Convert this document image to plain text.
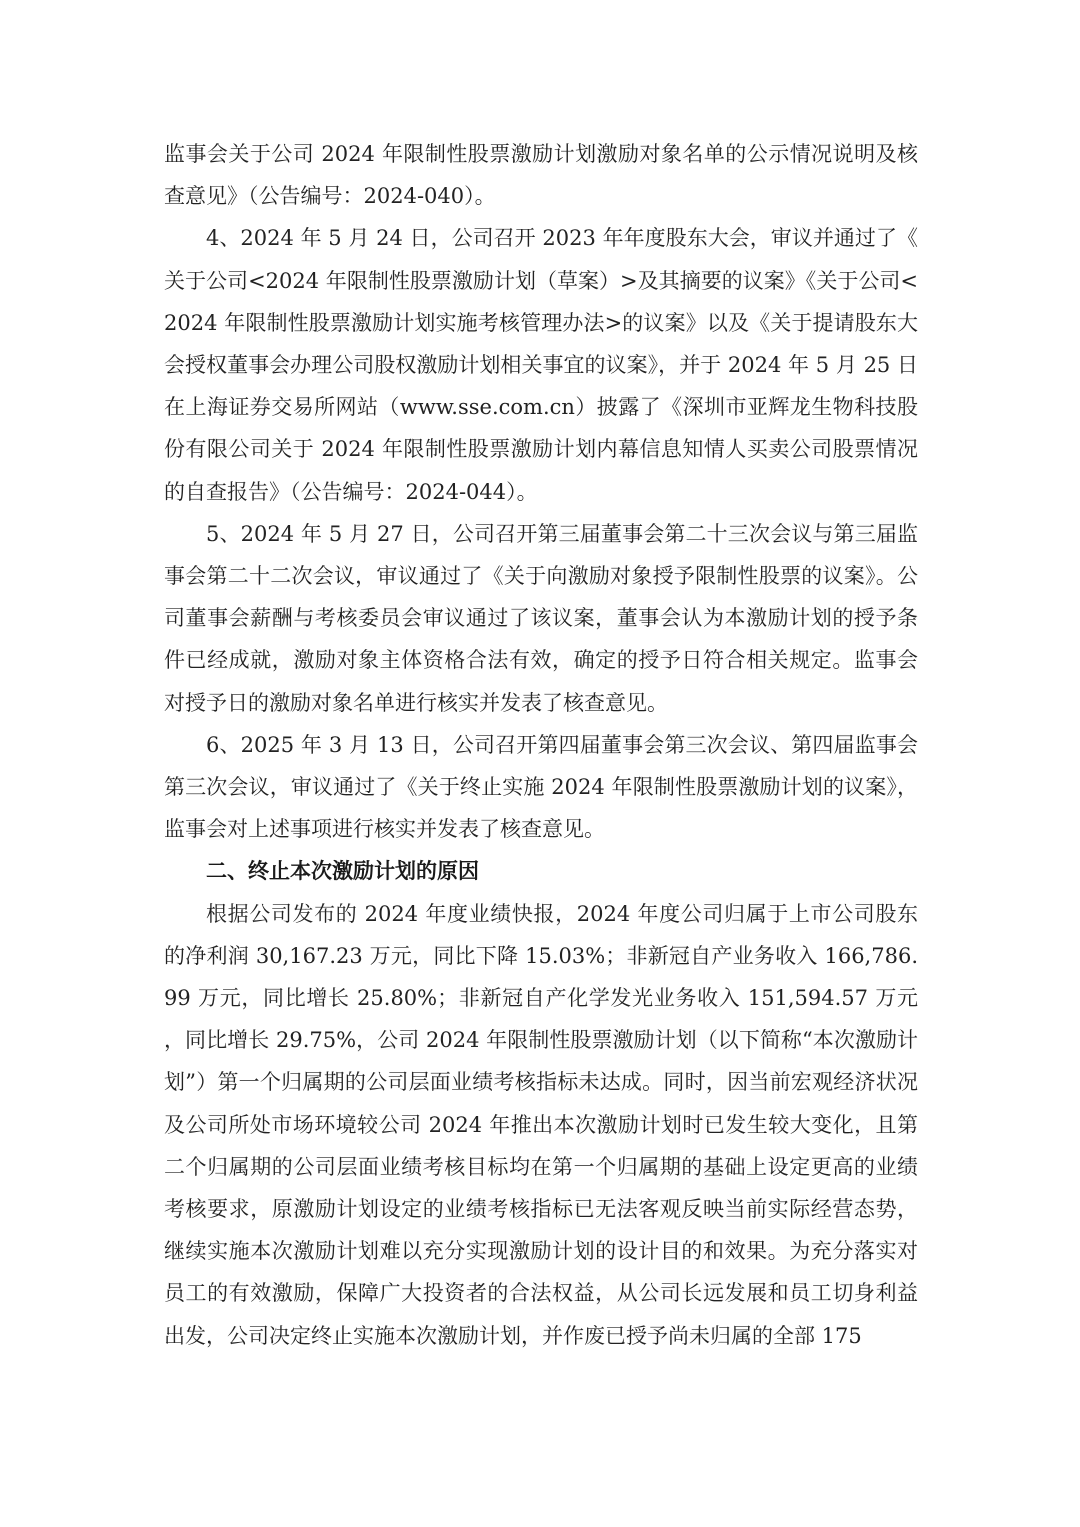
监事会关于公司 2024 年限制性股票激励计划激励对象名单的公示情况说明及核查意见》（公告编号：2024-040）。

4、2024 年 5 月 24 日，公司召开 2023 年年度股东大会，审议并通过了《关于公司<2024 年限制性股票激励计划（草案）>及其摘要的议案》《关于公司<2024 年限制性股票激励计划实施考核管理办法>的议案》以及《关于提请股东大会授权董事会办理公司股权激励计划相关事宜的议案》，并于 2024 年 5 月 25 日在上海证券交易所网站（www.sse.com.cn）披露了《深圳市亚辉龙生物科技股份有限公司关于 2024 年限制性股票激励计划内幕信息知情人买卖公司股票情况的自查报告》（公告编号：2024-044）。

5、2024 年 5 月 27 日，公司召开第三届董事会第二十三次会议与第三届监事会第二十二次会议，审议通过了《关于向激励对象授予限制性股票的议案》。公司董事会薪酬与考核委员会审议通过了该议案，董事会认为本激励计划的授予条件已经成就，激励对象主体资格合法有效，确定的授予日符合相关规定。监事会对授予日的激励对象名单进行核实并发表了核查意见。

6、2025 年 3 月 13 日，公司召开第四届董事会第三次会议、第四届监事会第三次会议，审议通过了《关于终止实施 2024 年限制性股票激励计划的议案》，监事会对上述事项进行核实并发表了核查意见。

二、终止本次激励计划的原因

根据公司发布的 2024 年度业绩快报，2024 年度公司归属于上市公司股东的净利润 30,167.23 万元，同比下降 15.03%；非新冠自产业务收入 166,786.99 万元，同比增长 25.80%；非新冠自产化学发光业务收入 151,594.57 万元，同比增长 29.75%，公司 2024 年限制性股票激励计划（以下简称“本次激励计划”）第一个归属期的公司层面业绩考核指标未达成。同时，因当前宏观经济状况及公司所处市场环境较公司 2024 年推出本次激励计划时已发生较大变化，且第二个归属期的公司层面业绩考核目标均在第一个归属期的基础上设定更高的业绩考核要求，原激励计划设定的业绩考核指标已无法客观反映当前实际经营态势，继续实施本次激励计划难以充分实现激励计划的设计目的和效果。为充分落实对员工的有效激励，保障广大投资者的合法权益，从公司长远发展和员工切身利益出发，公司决定终止实施本次激励计划，并作废已授予尚未归属的全部 175
